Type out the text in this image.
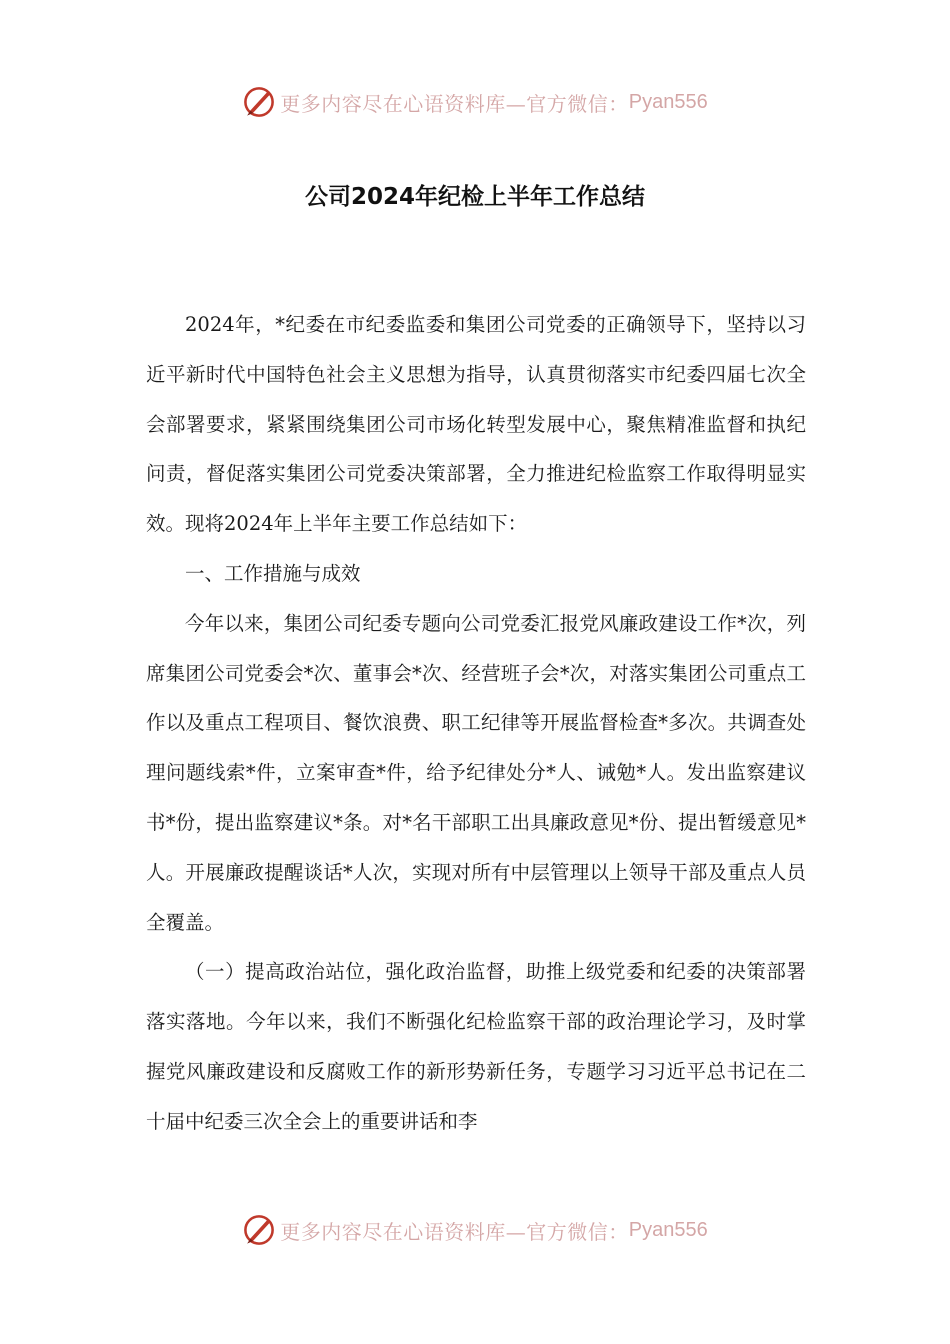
更多内容尽在心语资料库—官方微信： Pyan556
公司2024年纪检上半年工作总结

2024年，*纪委在市纪委监委和集团公司党委的正确领导下，坚持以习近平新时代中国特色社会主义思想为指导，认真贯彻落实市纪委四届七次全会部署要求，紧紧围绕集团公司市场化转型发展中心，聚焦精准监督和执纪问责，督促落实集团公司党委决策部署，全力推进纪检监察工作取得明显实效。现将2024年上半年主要工作总结如下：

一、工作措施与成效

今年以来，集团公司纪委专题向公司党委汇报党风廉政建设工作*次，列席集团公司党委会*次、董事会*次、经营班子会*次，对落实集团公司重点工作以及重点工程项目、餐饮浪费、职工纪律等开展监督检查*多次。共调查处理问题线索*件，立案审查*件，给予纪律处分*人、诫勉*人。发出监察建议书*份，提出监察建议*条。对*名干部职工出具廉政意见*份、提出暂缓意见*人。开展廉政提醒谈话*人次，实现对所有中层管理以上领导干部及重点人员全覆盖。

（一）提高政治站位，强化政治监督，助推上级党委和纪委的决策部署落实落地。今年以来，我们不断强化纪检监察干部的政治理论学习，及时掌握党风廉政建设和反腐败工作的新形势新任务，专题学习习近平总书记在二十届中纪委三次全会上的重要讲话和李

更多内容尽在心语资料库—官方微信： Pyan556
